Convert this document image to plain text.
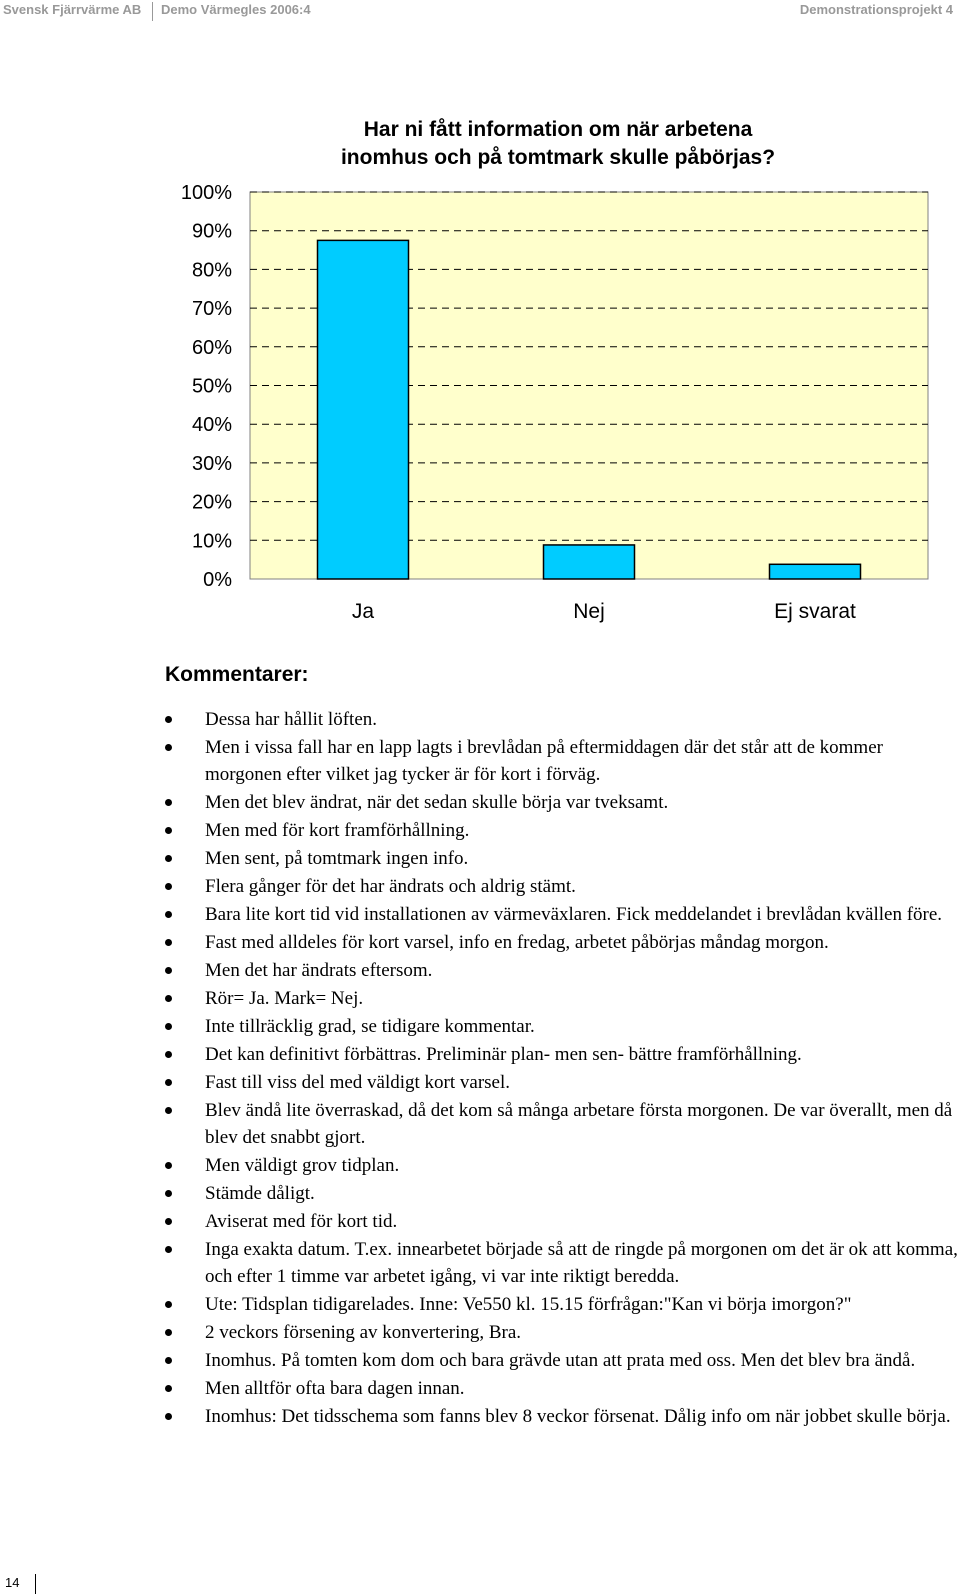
Svensk Fjärrvärme AB Demo Värmegles 2006:4	Demonstrationsprojekt 4
Har ni fått information om när arbetena
inomhus och på tomtmark skulle påbörjas?
0%
10%
20%
30%
40%
50%
60%
70%
80%
90%
100%
Ja	Nej	Ej svarat
Kommentarer:
Dessa har hållit löften.
Men i vissa fall har en lapp lagts i brevlådan på eftermiddagen där det står att de kommer morgonen efter vilket jag tycker är för kort i förväg.
Men det blev ändrat, när det sedan skulle börja var tveksamt.
Men med för kort framförhållning.
Men sent, på tomtmark ingen info.
Flera gånger för det har ändrats och aldrig stämt.
Bara lite kort tid vid installationen av värmeväxlaren. Fick meddelandet i brevlådan kvällen före.
Fast med alldeles för kort varsel, info en fredag, arbetet påbörjas måndag morgon.
Men det har ändrats eftersom.
Rör= Ja. Mark= Nej.
Inte tillräcklig grad, se tidigare kommentar.
Det kan definitivt förbättras. Preliminär plan- men sen- bättre framförhållning.
Fast till viss del med väldigt kort varsel.
Blev ändå lite överraskad, då det kom så många arbetare första morgonen. De var överallt, men då blev det snabbt gjort.
Men väldigt grov tidplan.
Stämde dåligt.
Aviserat med för kort tid.
Inga exakta datum. T.ex. innearbetet började så att de ringde på morgonen om det är ok att komma, och efter 1 timme var arbetet igång, vi var inte riktigt beredda.
Ute: Tidsplan tidigarelades. Inne: Ve550 kl. 15.15 förfrågan:"Kan vi börja imorgon?"
2 veckors försening av konvertering, Bra.
Inomhus. På tomten kom dom och bara grävde utan att prata med oss. Men det blev bra ändå.
Men alltför ofta bara dagen innan.
Inomhus: Det tidsschema som fanns blev 8 veckor försenat. Dålig info om när jobbet skulle börja.
14
